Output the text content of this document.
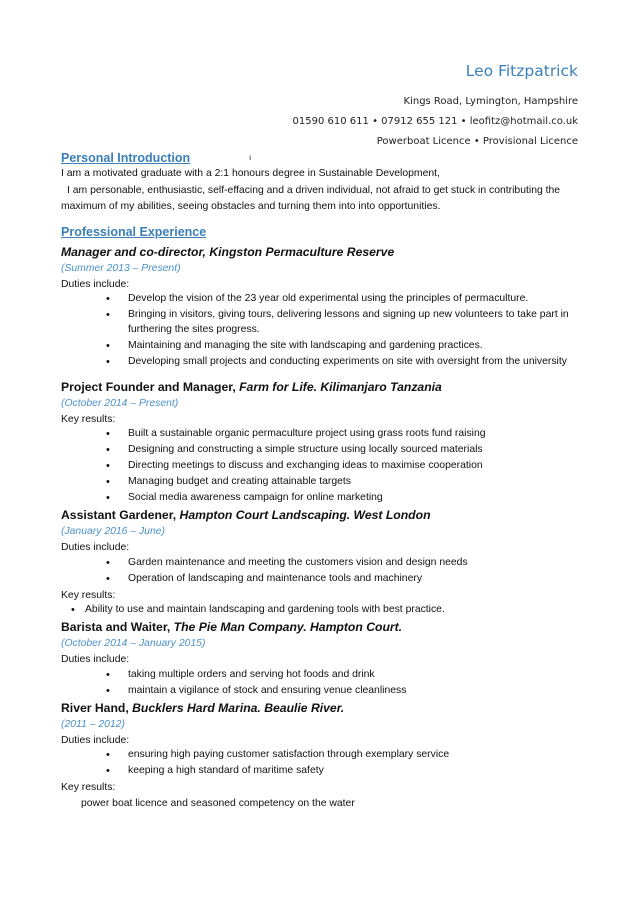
Leo Fitzpatrick
Kings Road, Lymington, Hampshire
01590 610 611 • 07912 655 121 • leofitz@hotmail.co.uk
Powerboat Licence • Provisional Licence
ı
Personal Introduction
I am a motivated graduate with a 2:1 honours degree in Sustainable Development,
I am personable, enthusiastic, self-effacing and a driven individual, not afraid to get stuck in contributing the maximum of my abilities, seeing obstacles and turning them into into opportunities.
Professional Experience
Manager and co-director, Kingston Permaculture Reserve
(Summer 2013 – Present)
Duties include:
• Develop the vision of the 23 year old experimental using the principles of permaculture.
• Bringing in visitors, giving tours, delivering lessons and signing up new volunteers to take part in furthering the sites progress.
• Maintaining and managing the site with landscaping and gardening practices.
• Developing small projects and conducting experiments on site with oversight from the university
Project Founder and Manager, Farm for Life. Kilimanjaro Tanzania
(October 2014 – Present)
Key results:
• Built a sustainable organic permaculture project using grass roots fund raising
• Designing and constructing a simple structure using locally sourced materials
• Directing meetings to discuss and exchanging ideas to maximise cooperation
• Managing budget and creating attainable targets
• Social media awareness campaign for online marketing
Assistant Gardener, Hampton Court Landscaping. West London
(January 2016 – June)
Duties include:
• Garden maintenance and meeting the customers vision and design needs
• Operation of landscaping and maintenance tools and machinery
Key results:
• Ability to use and maintain landscaping and gardening tools with best practice.
Barista and Waiter, The Pie Man Company. Hampton Court.
(October 2014 – January 2015)
Duties include:
• taking multiple orders and serving hot foods and drink
• maintain a vigilance of stock and ensuring venue cleanliness
River Hand, Bucklers Hard Marina. Beaulie River.
(2011 – 2012)
Duties include:
• ensuring high paying customer satisfaction through exemplary service
• keeping a high standard of maritime safety
Key results:
power boat licence and seasoned competency on the water
